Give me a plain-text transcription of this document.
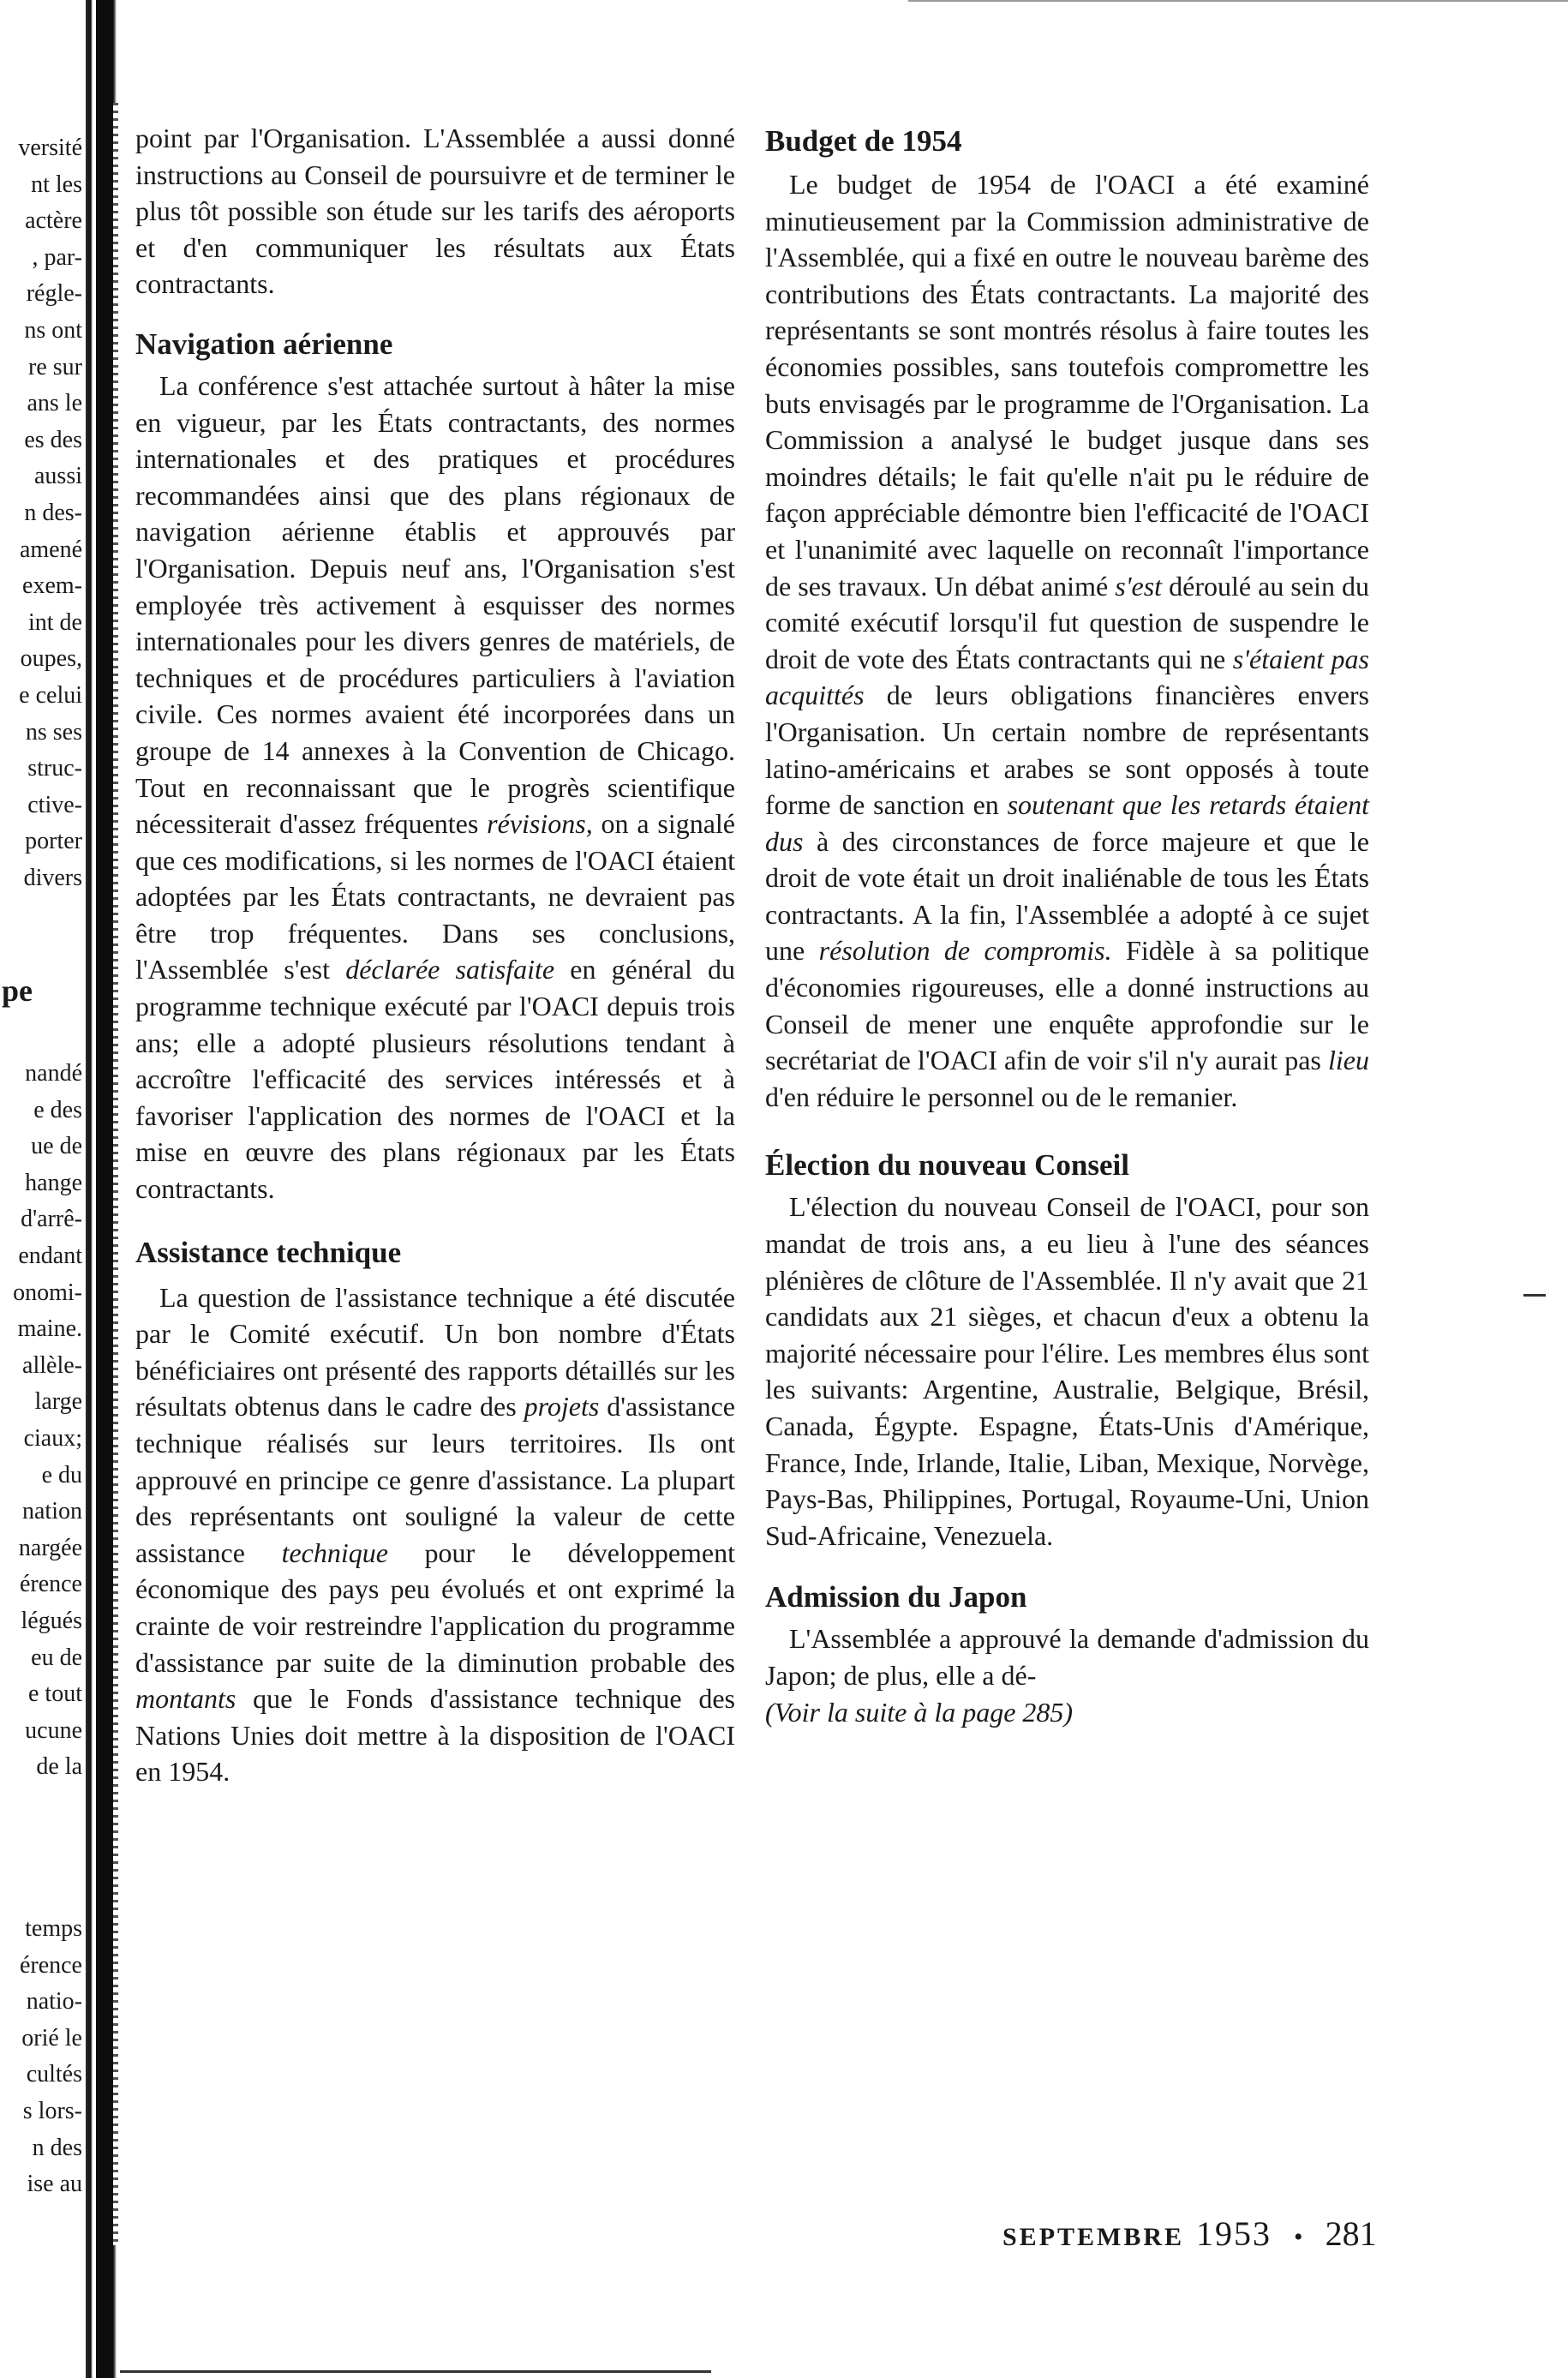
versité
nt les
actère
, par-
régle-
ns ont
re sur
ans le
es des
aussi
n des-
amené
exem-
int de
oupes,
e celui
ns ses
struc-
ctive-
porter
divers
pe
nandé
e des
ue de
hange
d'arrê-
endant
onomi-
maine.
allèle-
large
ciaux;
e du
nation
nargée
érence
légués
eu de
e tout
ucune
de la
temps
érence
natio-
orié le
cultés
s lors-
n des
ise au

point par l'Organisation. L'Assemblée a aussi donné instructions au Conseil de poursuivre et de terminer le plus tôt possible son étude sur les tarifs des aéroports et d'en communiquer les résultats aux États contractants.

Navigation aérienne

La conférence s'est attachée surtout à hâter la mise en vigueur, par les États contractants, des normes internationales et des pratiques et procédures recommandées ainsi que des plans régionaux de navigation aérienne établis et approuvés par l'Organisation. Depuis neuf ans, l'Organisation s'est employée très activement à esquisser des normes internationales pour les divers genres de matériels, de techniques et de procédures particuliers à l'aviation civile. Ces normes avaient été incorporées dans un groupe de 14 annexes à la Convention de Chicago. Tout en reconnaissant que le progrès scientifique nécessiterait d'assez fréquentes révisions, on a signalé que ces modifications, si les normes de l'OACI étaient adoptées par les États contractants, ne devraient pas être trop fréquentes. Dans ses conclusions, l'Assemblée s'est déclarée satisfaite en général du programme technique exécuté par l'OACI depuis trois ans; elle a adopté plusieurs résolutions tendant à accroître l'efficacité des services intéressés et à favoriser l'application des normes de l'OACI et la mise en œuvre des plans régionaux par les États contractants.

Assistance technique

La question de l'assistance technique a été discutée par le Comité exécutif. Un bon nombre d'États bénéficiaires ont présenté des rapports détaillés sur les résultats obtenus dans le cadre des projets d'assistance technique réalisés sur leurs territoires. Ils ont approuvé en principe ce genre d'assistance. La plupart des représentants ont souligné la valeur de cette assistance technique pour le développement économique des pays peu évolués et ont exprimé la crainte de voir restreindre l'application du programme d'assistance par suite de la diminution probable des montants que le Fonds d'assistance technique des Nations Unies doit mettre à la disposition de l'OACI en 1954.

Budget de 1954

Le budget de 1954 de l'OACI a été examiné minutieusement par la Commission administrative de l'Assemblée, qui a fixé en outre le nouveau barème des contributions des États contractants. La majorité des représentants se sont montrés résolus à faire toutes les économies possibles, sans toutefois compromettre les buts envisagés par le programme de l'Organisation. La Commission a analysé le budget jusque dans ses moindres détails; le fait qu'elle n'ait pu le réduire de façon appréciable démontre bien l'efficacité de l'OACI et l'unanimité avec laquelle on reconnaît l'importance de ses travaux. Un débat animé s'est déroulé au sein du comité exécutif lorsqu'il fut question de suspendre le droit de vote des États contractants qui ne s'étaient pas acquittés de leurs obligations financières envers l'Organisation. Un certain nombre de représentants latino-américains et arabes se sont opposés à toute forme de sanction en soutenant que les retards étaient dus à des circonstances de force majeure et que le droit de vote était un droit inaliénable de tous les États contractants. A la fin, l'Assemblée a adopté à ce sujet une résolution de compromis. Fidèle à sa politique d'économies rigoureuses, elle a donné instructions au Conseil de mener une enquête approfondie sur le secrétariat de l'OACI afin de voir s'il n'y aurait pas lieu d'en réduire le personnel ou de le remanier.

Élection du nouveau Conseil

L'élection du nouveau Conseil de l'OACI, pour son mandat de trois ans, a eu lieu à l'une des séances plénières de clôture de l'Assemblée. Il n'y avait que 21 candidats aux 21 sièges, et chacun d'eux a obtenu la majorité nécessaire pour l'élire. Les membres élus sont les suivants: Argentine, Australie, Belgique, Brésil, Canada, Égypte. Espagne, États-Unis d'Amérique, France, Inde, Irlande, Italie, Liban, Mexique, Norvège, Pays-Bas, Philippines, Portugal, Royaume-Uni, Union Sud-Africaine, Venezuela.

Admission du Japon

L'Assemblée a approuvé la demande d'admission du Japon; de plus, elle a dé-

(Voir la suite à la page 285)

SEPTEMBRE 1953 • 281
